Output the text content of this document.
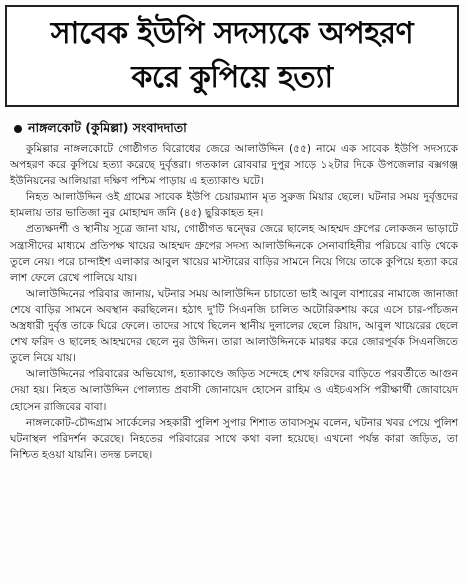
সাবেক ইউপি সদস্যকে অপহরণ
করে কুপিয়ে হত্যা
নাঙ্গলকোট (কুমিল্লা) সংবাদদাতা

কুমিল্লার নাঙ্গলকোটে গোষ্ঠীগত বিরোধের জেরে আলাউদ্দিন (৫৫) নামে এক সাবেক ইউপি সদস্যকে অপহরণ করে কুপিয়ে হত্যা করেছে দুর্বৃত্তরা। গতকাল রোববার দুপুর সাড়ে ১২টার দিকে উপজেলার বক্সগঞ্জ ইউনিয়নের আলিয়ারা দক্ষিণ পশ্চিম পাড়ায় এ হত্যাকাণ্ড ঘটে।

নিহত আলাউদ্দিন ওই গ্রামের সাবেক ইউপি চেয়ারম্যান মৃত সুরুজ মিয়ার ছেলে। ঘটনার সময় দুর্বৃত্তদের হামলায় তার ভাতিজা নুর মোহাম্মদ জনি (৪৫) ছুরিকাহত হন।

প্রত্যক্ষদর্শী ও স্থানীয় সূত্রে জানা যায়, গোষ্ঠীগত দ্বন্দ্বের জেরে ছালেহ আহম্মদ গ্রুপের লোকজন ভাড়াটে সন্ত্রাসীদের মাধ্যমে প্রতিপক্ষ খায়ের আহম্মদ গ্রুপের সদস্য আলাউদ্দিনকে সেনাবাহিনীর পরিচয়ে বাড়ি থেকে তুলে নেয়। পরে চান্দাইশ এলাকার আবুল খায়ের মাস্টারের বাড়ির সামনে নিয়ে গিয়ে তাকে কুপিয়ে হত্যা করে লাশ ফেলে রেখে পালিয়ে যায়।

আলাউদ্দিনের পরিবার জানায়, ঘটনার সময় আলাউদ্দিন চাচাতো ভাই আবুল বাশারের নামাজে জানাজা শেষে বাড়ির সামনে অবস্থান করছিলেন। হঠাৎ দু'টি সিএনজি চালিত অটোরিকশায় করে এসে চার-পাঁচজন অস্ত্রধারী দুর্বৃত্ত তাকে ঘিরে ফেলে। তাদের সাথে ছিলেন স্থানীয় দুলালের ছেলে রিয়াদ, আবুল খায়েরের ছেলে শেখ ফরিদ ও ছালেহ আহম্মদের ছেলে নুর উদ্দিন। তারা আলাউদ্দিনকে মারধর করে জোরপূর্বক সিএনজিতে তুলে নিয়ে যায়।

আলাউদ্দিনের পরিবারের অভিযোগ, হত্যাকাণ্ডে জড়িত সন্দেহে শেখ ফরিদের বাড়িতে পরবর্তীতে আগুন দেয়া হয়। নিহত আলাউদ্দিন পোল্যান্ড প্রবাসী জোনায়েদ হোসেন রাহিম ও এইচএসসি পরীক্ষার্থী জোবায়েদ হোসেন রাজিবের বাবা।

নাঙ্গলকোট-চৌদ্দগ্রাম সার্কেলের সহকারী পুলিশ সুপার শিশাত তাবাসসুম বলেন, ঘটনার খবর পেয়ে পুলিশ ঘটনাস্থল পরিদর্শন করেছে। নিহতের পরিবারের সাথে কথা বলা হয়েছে। এখনো পর্যন্ত কারা জড়িত, তা নিশ্চিত হওয়া যায়নি। তদন্ত চলছে।
